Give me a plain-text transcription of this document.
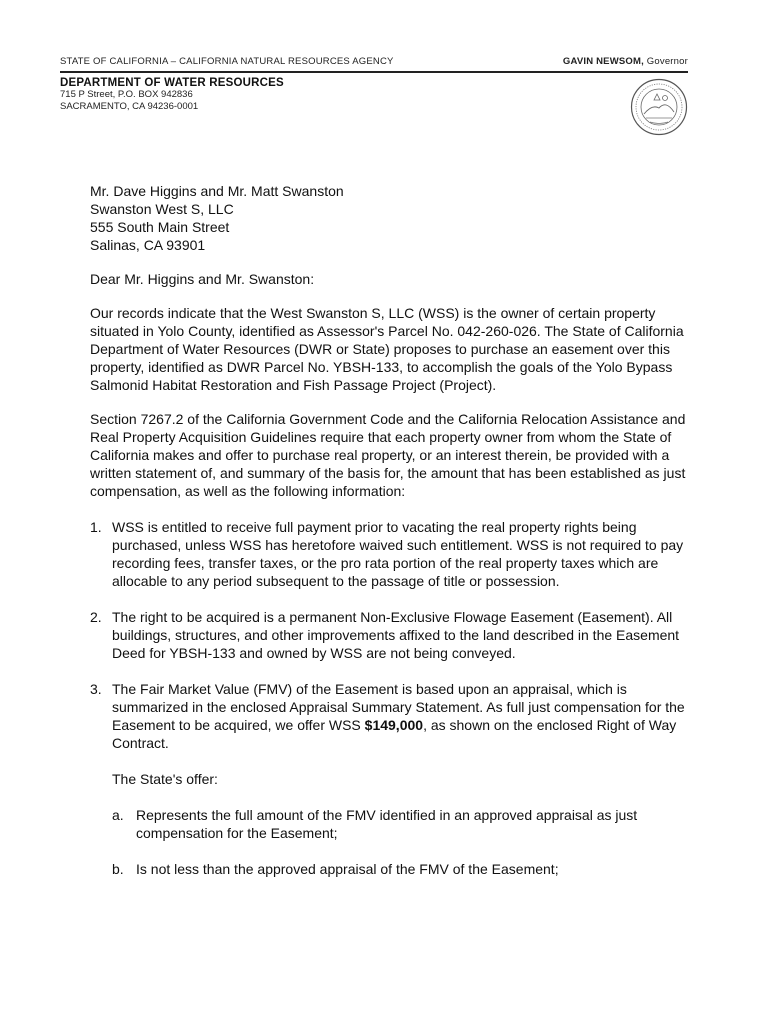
STATE OF CALIFORNIA – CALIFORNIA NATURAL RESOURCES AGENCY	GAVIN NEWSOM, Governor
DEPARTMENT OF WATER RESOURCES
715 P Street, P.O. BOX 942836
SACRAMENTO, CA 94236-0001
Mr. Dave Higgins and Mr. Matt Swanston
Swanston West S, LLC
555 South Main Street
Salinas, CA 93901
Dear Mr. Higgins and Mr. Swanston:
Our records indicate that the West Swanston S, LLC (WSS) is the owner of certain property situated in Yolo County, identified as Assessor's Parcel No. 042-260-026. The State of California Department of Water Resources (DWR or State) proposes to purchase an easement over this property, identified as DWR Parcel No. YBSH-133, to accomplish the goals of the Yolo Bypass Salmonid Habitat Restoration and Fish Passage Project (Project).
Section 7267.2 of the California Government Code and the California Relocation Assistance and Real Property Acquisition Guidelines require that each property owner from whom the State of California makes and offer to purchase real property, or an interest therein, be provided with a written statement of, and summary of the basis for, the amount that has been established as just compensation, as well as the following information:
1. WSS is entitled to receive full payment prior to vacating the real property rights being purchased, unless WSS has heretofore waived such entitlement. WSS is not required to pay recording fees, transfer taxes, or the pro rata portion of the real property taxes which are allocable to any period subsequent to the passage of title or possession.
2. The right to be acquired is a permanent Non-Exclusive Flowage Easement (Easement). All buildings, structures, and other improvements affixed to the land described in the Easement Deed for YBSH-133 and owned by WSS are not being conveyed.
3. The Fair Market Value (FMV) of the Easement is based upon an appraisal, which is summarized in the enclosed Appraisal Summary Statement. As full just compensation for the Easement to be acquired, we offer WSS $149,000, as shown on the enclosed Right of Way Contract.
The State's offer:
a. Represents the full amount of the FMV identified in an approved appraisal as just compensation for the Easement;
b. Is not less than the approved appraisal of the FMV of the Easement;
